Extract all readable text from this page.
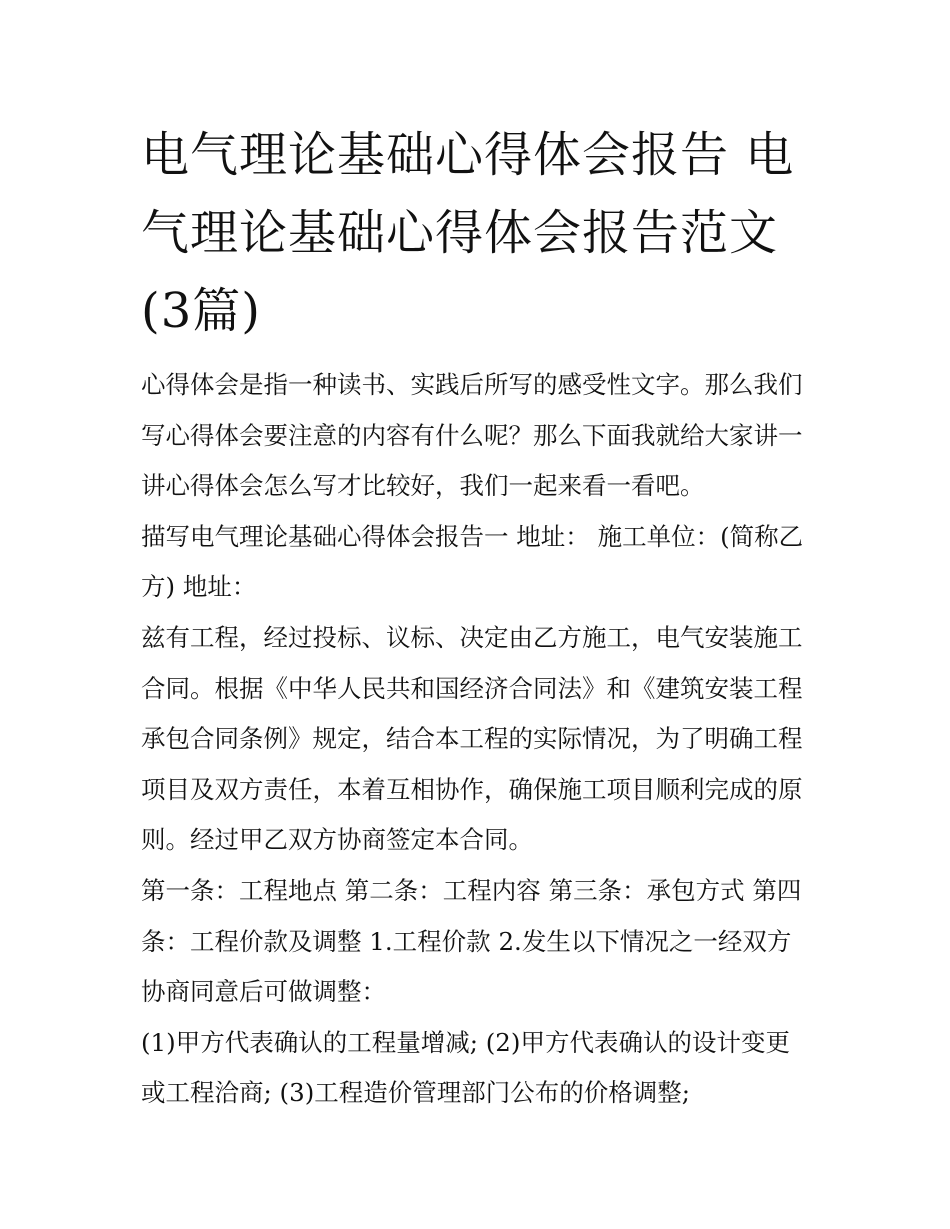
电气理论基础心得体会报告 电气理论基础心得体会报告范文(3篇)

心得体会是指一种读书、实践后所写的感受性文字。那么我们写心得体会要注意的内容有什么呢？那么下面我就给大家讲一讲心得体会怎么写才比较好，我们一起来看一看吧。

描写电气理论基础心得体会报告一 地址： 施工单位：(简称乙方) 地址：

兹有工程，经过投标、议标、决定由乙方施工，电气安装施工合同。根据《中华人民共和国经济合同法》和《建筑安装工程承包合同条例》规定，结合本工程的实际情况，为了明确工程项目及双方责任，本着互相协作，确保施工项目顺利完成的原则。经过甲乙双方协商签定本合同。

第一条：工程地点 第二条：工程内容 第三条：承包方式 第四条：工程价款及调整 1.工程价款 2.发生以下情况之一经双方协商同意后可做调整：

(1)甲方代表确认的工程量增减; (2)甲方代表确认的设计变更或工程洽商; (3)工程造价管理部门公布的价格调整;
